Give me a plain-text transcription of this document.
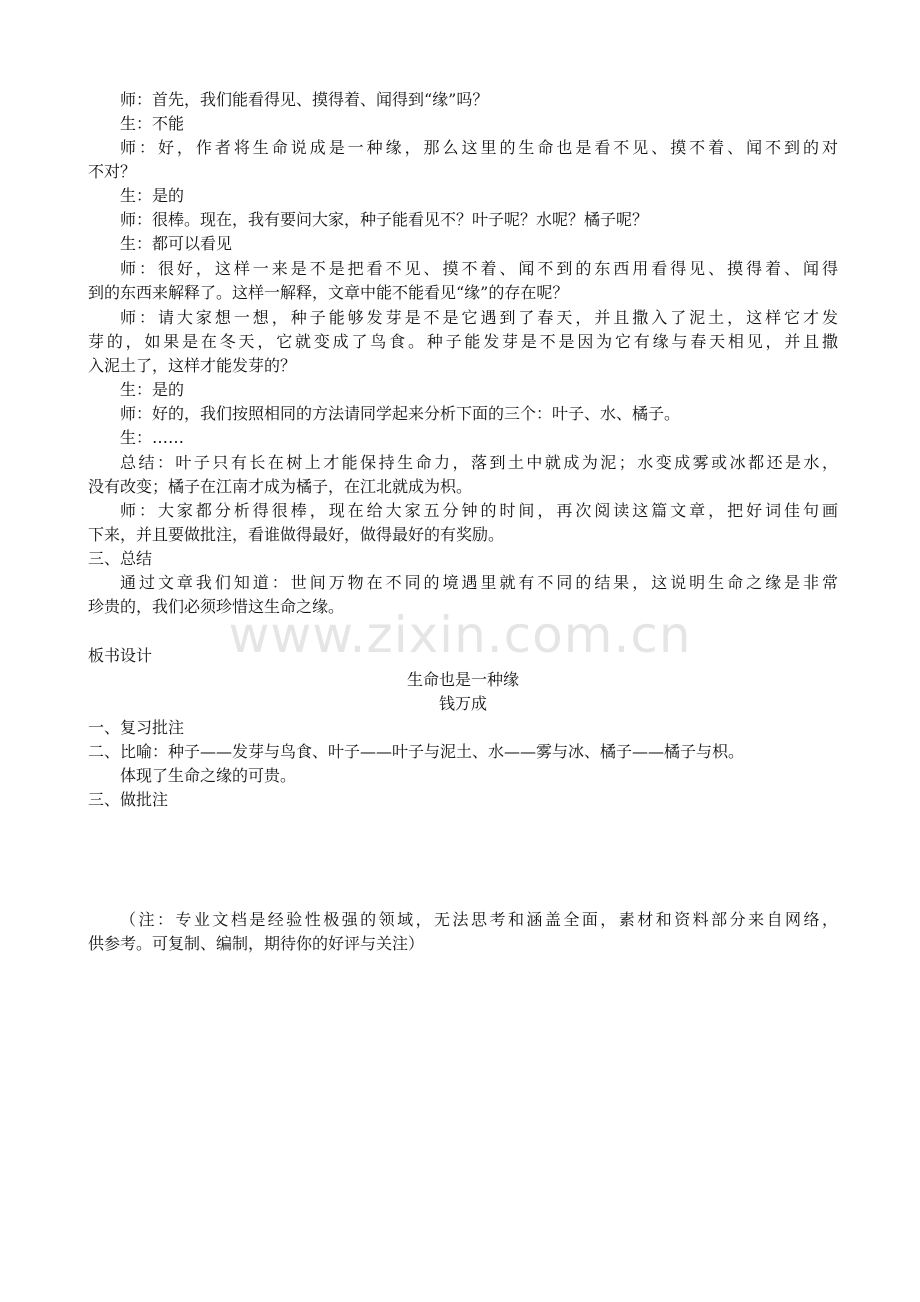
www.zixin.com.cn
师：首先，我们能看得见、摸得着、闻得到“缘”吗？
生：不能
师：好，作者将生命说成是一种缘，那么这里的生命也是看不见、摸不着、闻不到的对
不对？
生：是的
师：很棒。现在，我有要问大家，种子能看见不？叶子呢？水呢？橘子呢？
生：都可以看见
师：很好，这样一来是不是把看不见、摸不着、闻不到的东西用看得见、摸得着、闻得
到的东西来解释了。这样一解释，文章中能不能看见“缘”的存在呢？
师：请大家想一想，种子能够发芽是不是它遇到了春天，并且撒入了泥土，这样它才发
芽的，如果是在冬天，它就变成了鸟食。种子能发芽是不是因为它有缘与春天相见，并且撒
入泥土了，这样才能发芽的？
生：是的
师：好的，我们按照相同的方法请同学起来分析下面的三个：叶子、水、橘子。
生：……
总结：叶子只有长在树上才能保持生命力，落到土中就成为泥；水变成雾或冰都还是水，
没有改变；橘子在江南才成为橘子，在江北就成为枳。
师：大家都分析得很棒，现在给大家五分钟的时间，再次阅读这篇文章，把好词佳句画
下来，并且要做批注，看谁做得最好，做得最好的有奖励。
三、总结
通过文章我们知道：世间万物在不同的境遇里就有不同的结果，这说明生命之缘是非常
珍贵的，我们必须珍惜这生命之缘。
板书设计
生命也是一种缘
钱万成
一、复习批注
二、比喻：种子——发芽与鸟食、叶子——叶子与泥土、水——雾与冰、橘子——橘子与枳。
体现了生命之缘的可贵。
三、做批注
（注：专业文档是经验性极强的领域，无法思考和涵盖全面，素材和资料部分来自网络，
供参考。可复制、编制，期待你的好评与关注）
